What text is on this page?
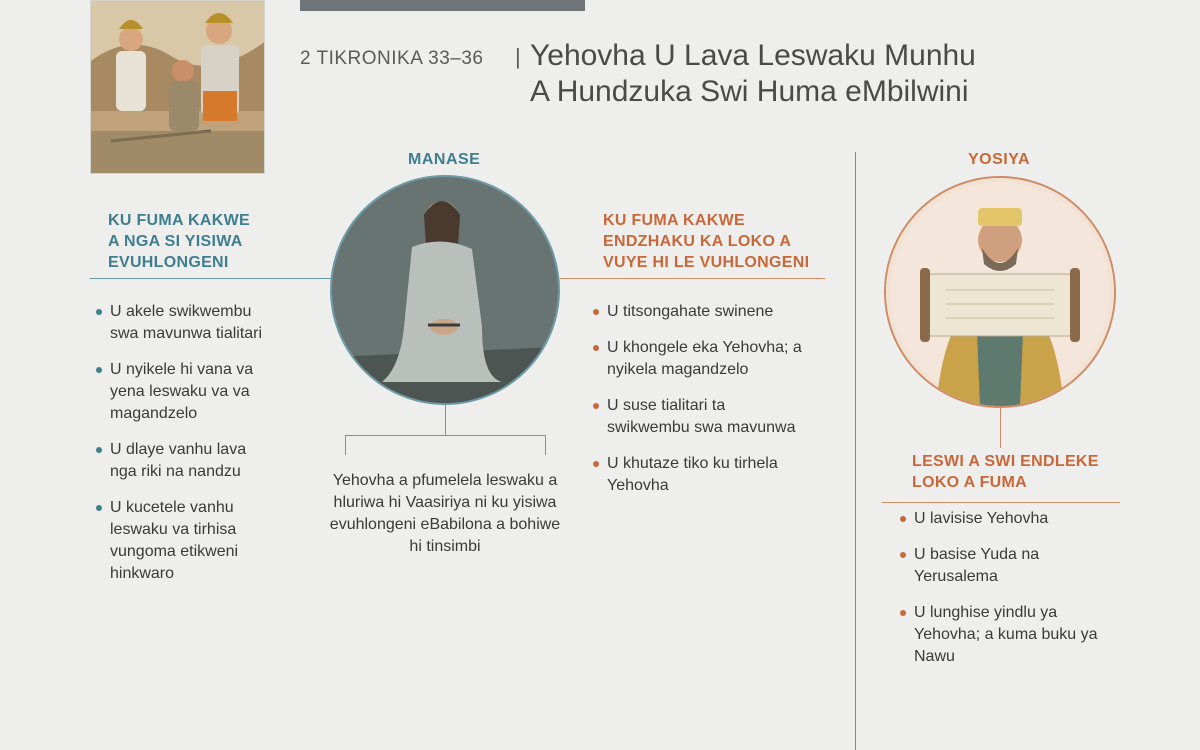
2 TIKRONIKA 33–36 | Yehovha U Lava Leswaku Munhu
A Hundzuka Swi Huma eMbilwini
MANASE
KU FUMA KAKWE
A NGA SI YISIWA
EVUHLONGENI
KU FUMA KAKWE
ENDZHAKU KA LOKO A
VUYE HI LE VUHLONGENI
U akele swikwembu
swa mavunwa tialitari
U nyikele hi vana va
yena leswaku va va
magandzelo
U dlaye vanhu lava
nga riki na nandzu
U kucetele vanhu
leswaku va tirhisa
vungoma etikweni
hinkwaro
U titsongahate swinene
U khongele eka Yehovha; a
nyikela magandzelo
U suse tialitari ta
swikwembu swa mavunwa
U khutaze tiko ku tirhela
Yehovha
Yehovha a pfumelela leswaku a
hluriwa hi Vaasiriya ni ku yisiwa
evuhlongeni eBabilona a bohiwe
hi tinsimbi
YOSIYA
LESWI A SWI ENDLEKE
LOKO A FUMA
U lavisise Yehovha
U basise Yuda na
Yerusalema
U lunghise yindlu ya
Yehovha; a kuma buku ya
Nawu
